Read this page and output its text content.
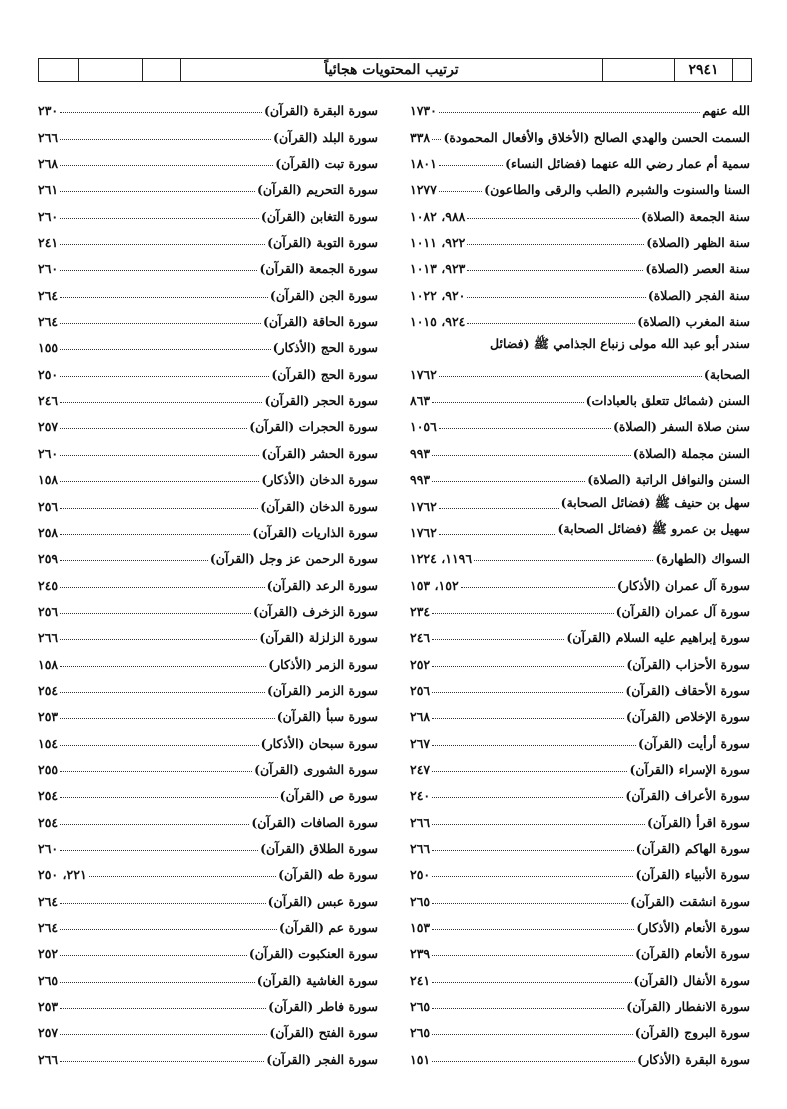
ترتيب المحتويات هجائياً	٢٩٤١
الله عنهم
١٧٣٠
السمت الحسن والهدي الصالح (الأخلاق والأفعال المحمودة)
٣٣٨
سمية أم عمار رضي الله عنهما (فضائل النساء)
١٨٠١
السنا والسنوت والشبرم (الطب والرقى والطاعون)
١٢٧٧
سنة الجمعة (الصلاة)
٩٨٨، ١٠٨٢
سنة الظهر (الصلاة)
٩٢٢، ١٠١١
سنة العصر (الصلاة)
٩٢٣، ١٠١٣
سنة الفجر (الصلاة)
٩٢٠، ١٠٢٢
سنة المغرب (الصلاة)
٩٢٤، ١٠١٥
سندر أبو عبد الله مولى زنباع الجذامي ﷺ (فضائل
الصحابة)
١٧٦٢
السنن (شمائل تتعلق بالعبادات)
٨٦٣
سنن صلاة السفر (الصلاة)
١٠٥٦
السنن مجملة (الصلاة)
٩٩٣
السنن والنوافل الراتبة (الصلاة)
٩٩٣
سهل بن حنيف ﷺ (فضائل الصحابة)
١٧٦٢
سهيل بن عمرو ﷺ (فضائل الصحابة)
١٧٦٢
السواك (الطهارة)
١١٩٦، ١٢٢٤
سورة آل عمران (الأذكار)
١٥٢، ١٥٣
سورة آل عمران (القرآن)
٢٣٤
سورة إبراهيم عليه السلام (القرآن)
٢٤٦
سورة الأحزاب (القرآن)
٢٥٢
سورة الأحقاف (القرآن)
٢٥٦
سورة الإخلاص (القرآن)
٢٦٨
سورة أرأيت (القرآن)
٢٦٧
سورة الإسراء (القرآن)
٢٤٧
سورة الأعراف (القرآن)
٢٤٠
سورة اقرأ (القرآن)
٢٦٦
سورة الهاكم (القرآن)
٢٦٦
سورة الأنبياء (القرآن)
٢٥٠
سورة انشقت (القرآن)
٢٦٥
سورة الأنعام (الأذكار)
١٥٣
سورة الأنعام (القرآن)
٢٣٩
سورة الأنفال (القرآن)
٢٤١
سورة الانفطار (القرآن)
٢٦٥
سورة البروج (القرآن)
٢٦٥
سورة البقرة (الأذكار)
١٥١
سورة البقرة (القرآن)
٢٣٠
سورة البلد (القرآن)
٢٦٦
سورة تبت (القرآن)
٢٦٨
سورة التحريم (القرآن)
٢٦١
سورة التغابن (القرآن)
٢٦٠
سورة التوبة (القرآن)
٢٤١
سورة الجمعة (القرآن)
٢٦٠
سورة الجن (القرآن)
٢٦٤
سورة الحاقة (القرآن)
٢٦٤
سورة الحج (الأذكار)
١٥٥
سورة الحج (القرآن)
٢٥٠
سورة الحجر (القرآن)
٢٤٦
سورة الحجرات (القرآن)
٢٥٧
سورة الحشر (القرآن)
٢٦٠
سورة الدخان (الأذكار)
١٥٨
سورة الدخان (القرآن)
٢٥٦
سورة الذاريات (القرآن)
٢٥٨
سورة الرحمن عز وجل (القرآن)
٢٥٩
سورة الرعد (القرآن)
٢٤٥
سورة الزخرف (القرآن)
٢٥٦
سورة الزلزلة (القرآن)
٢٦٦
سورة الزمر (الأذكار)
١٥٨
سورة الزمر (القرآن)
٢٥٤
سورة سبأ (القرآن)
٢٥٣
سورة سبحان (الأذكار)
١٥٤
سورة الشورى (القرآن)
٢٥٥
سورة ص (القرآن)
٢٥٤
سورة الصافات (القرآن)
٢٥٤
سورة الطلاق (القرآن)
٢٦٠
سورة طه (القرآن)
٢٢١، ٢٥٠
سورة عبس (القرآن)
٢٦٤
سورة عم (القرآن)
٢٦٤
سورة العنكبوت (القرآن)
٢٥٢
سورة الغاشية (القرآن)
٢٦٥
سورة فاطر (القرآن)
٢٥٣
سورة الفتح (القرآن)
٢٥٧
سورة الفجر (القرآن)
٢٦٦
